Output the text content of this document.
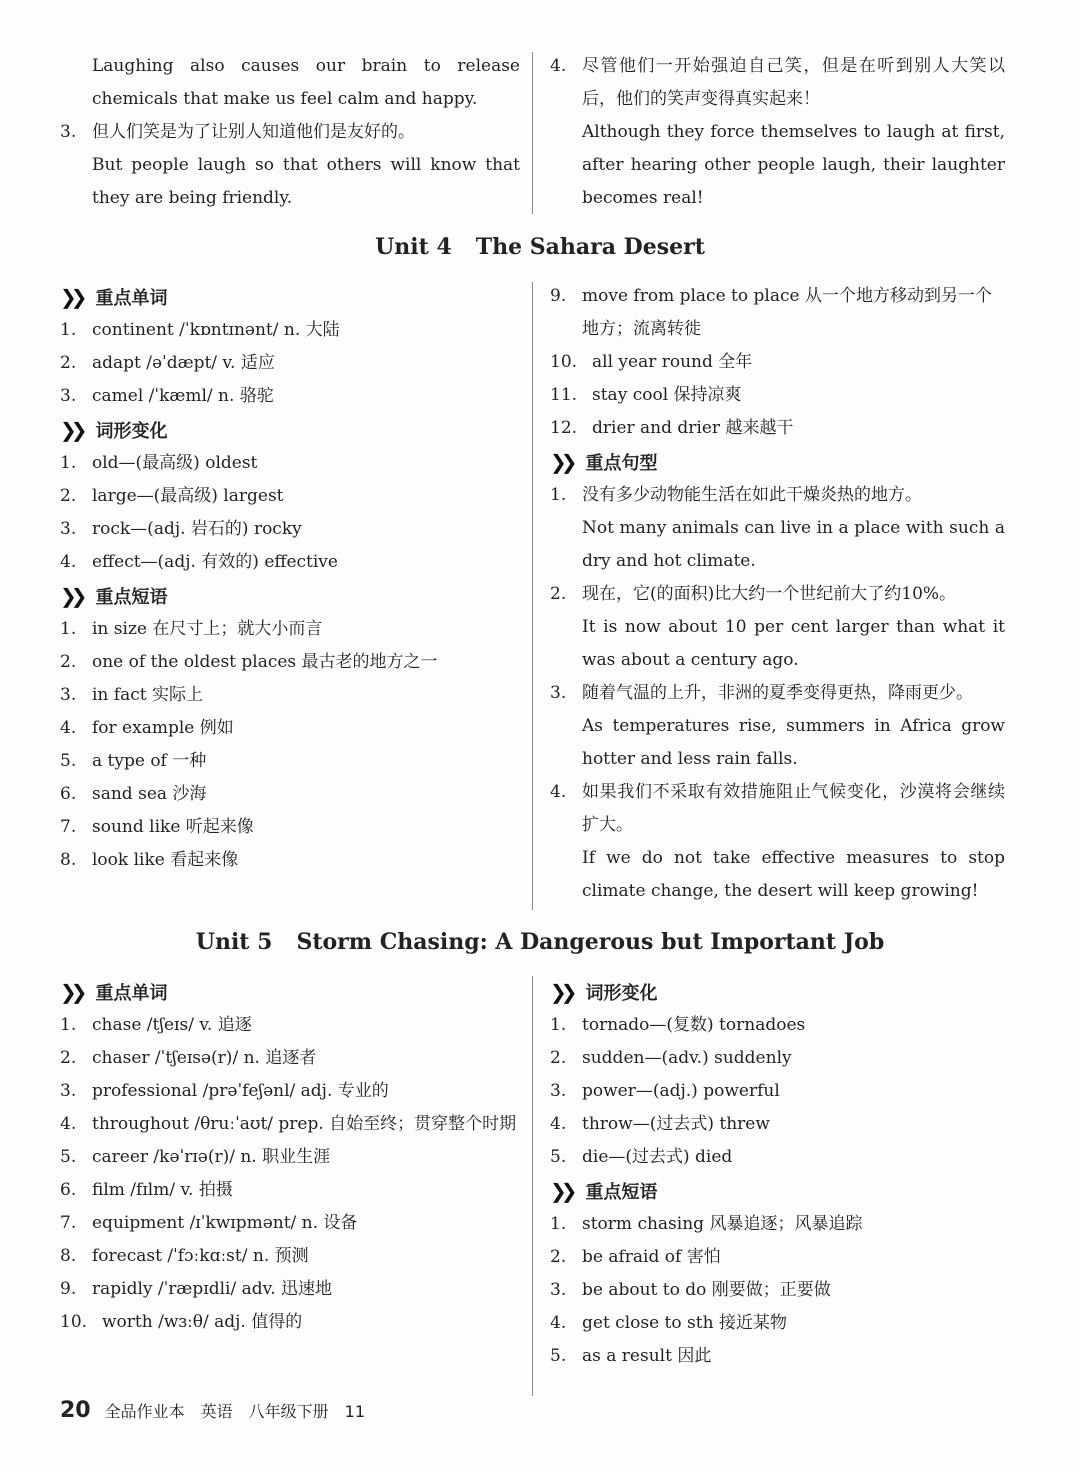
Laughing also causes our brain to release chemicals that make us feel calm and happy.
3. 但人们笑是为了让别人知道他们是友好的。
But people laugh so that others will know that they are being friendly.
4. 尽管他们一开始强迫自己笑，但是在听到别人大笑以后，他们的笑声变得真实起来！
Although they force themselves to laugh at first, after hearing other people laugh, their laughter becomes real!
Unit 4 The Sahara Desert
❯❯ 重点单词
1. continent /ˈkɒntɪnənt/ n. 大陆
2. adapt /əˈdæpt/ v. 适应
3. camel /ˈkæml/ n. 骆驼
❯❯ 词形变化
1. old—(最高级) oldest
2. large—(最高级) largest
3. rock—(adj. 岩石的) rocky
4. effect—(adj. 有效的) effective
❯❯ 重点短语
1. in size 在尺寸上；就大小而言
2. one of the oldest places 最古老的地方之一
3. in fact 实际上
4. for example 例如
5. a type of 一种
6. sand sea 沙海
7. sound like 听起来像
8. look like 看起来像
9. move from place to place 从一个地方移动到另一个地方；流离转徙
10. all year round 全年
11. stay cool 保持凉爽
12. drier and drier 越来越干
❯❯ 重点句型
1. 没有多少动物能生活在如此干燥炎热的地方。
Not many animals can live in a place with such a dry and hot climate.
2. 现在，它(的面积)比大约一个世纪前大了约10%。
It is now about 10 per cent larger than what it was about a century ago.
3. 随着气温的上升，非洲的夏季变得更热，降雨更少。
As temperatures rise, summers in Africa grow hotter and less rain falls.
4. 如果我们不采取有效措施阻止气候变化，沙漠将会继续扩大。
If we do not take effective measures to stop climate change, the desert will keep growing!
Unit 5 Storm Chasing: A Dangerous but Important Job
❯❯ 重点单词
1. chase /tʃeɪs/ v. 追逐
2. chaser /ˈtʃeɪsə(r)/ n. 追逐者
3. professional /prəˈfeʃənl/ adj. 专业的
4. throughout /θruːˈaʊt/ prep. 自始至终；贯穿整个时期
5. career /kəˈrɪə(r)/ n. 职业生涯
6. film /fɪlm/ v. 拍摄
7. equipment /ɪˈkwɪpmənt/ n. 设备
8. forecast /ˈfɔːkɑːst/ n. 预测
9. rapidly /ˈræpɪdli/ adv. 迅速地
10. worth /wɜːθ/ adj. 值得的
❯❯ 词形变化
1. tornado—(复数) tornadoes
2. sudden—(adv.) suddenly
3. power—(adj.) powerful
4. throw—(过去式) threw
5. die—(过去式) died
❯❯ 重点短语
1. storm chasing 风暴追逐；风暴追踪
2. be afraid of 害怕
3. be about to do 刚要做；正要做
4. get close to sth 接近某物
5. as a result 因此
20 全品作业本 英语 八年级下册 11
